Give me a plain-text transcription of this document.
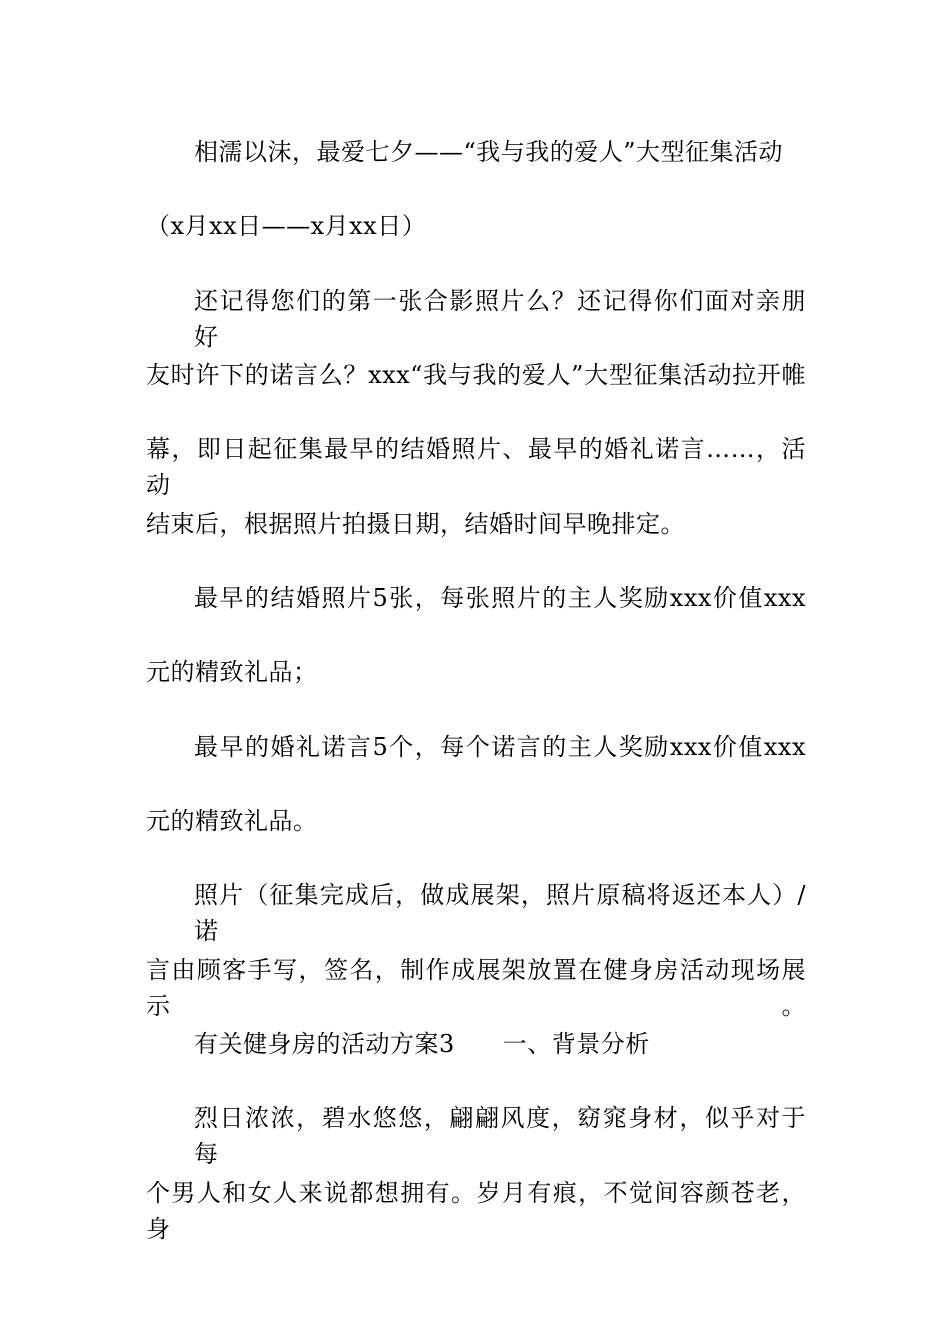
相濡以沫，最爱七夕——“我与我的爱人”大型征集活动
（x月xx日——x月xx日）
还记得您们的第一张合影照片么？还记得你们面对亲朋好
友时许下的诺言么？xxx“我与我的爱人”大型征集活动拉开帷
幕，即日起征集最早的结婚照片、最早的婚礼诺言……，活动
结束后，根据照片拍摄日期，结婚时间早晚排定。
最早的结婚照片5张，每张照片的主人奖励xxx价值xxx
元的精致礼品；
最早的婚礼诺言5个，每个诺言的主人奖励xxx价值xxx
元的精致礼品。
照片（征集完成后，做成展架，照片原稿将返还本人）/诺
言由顾客手写，签名，制作成展架放置在健身房活动现场展示。
有关健身房的活动方案3 一、背景分析
烈日浓浓，碧水悠悠，翩翩风度，窈窕身材，似乎对于每
个男人和女人来说都想拥有。岁月有痕，不觉间容颜苍老，身
